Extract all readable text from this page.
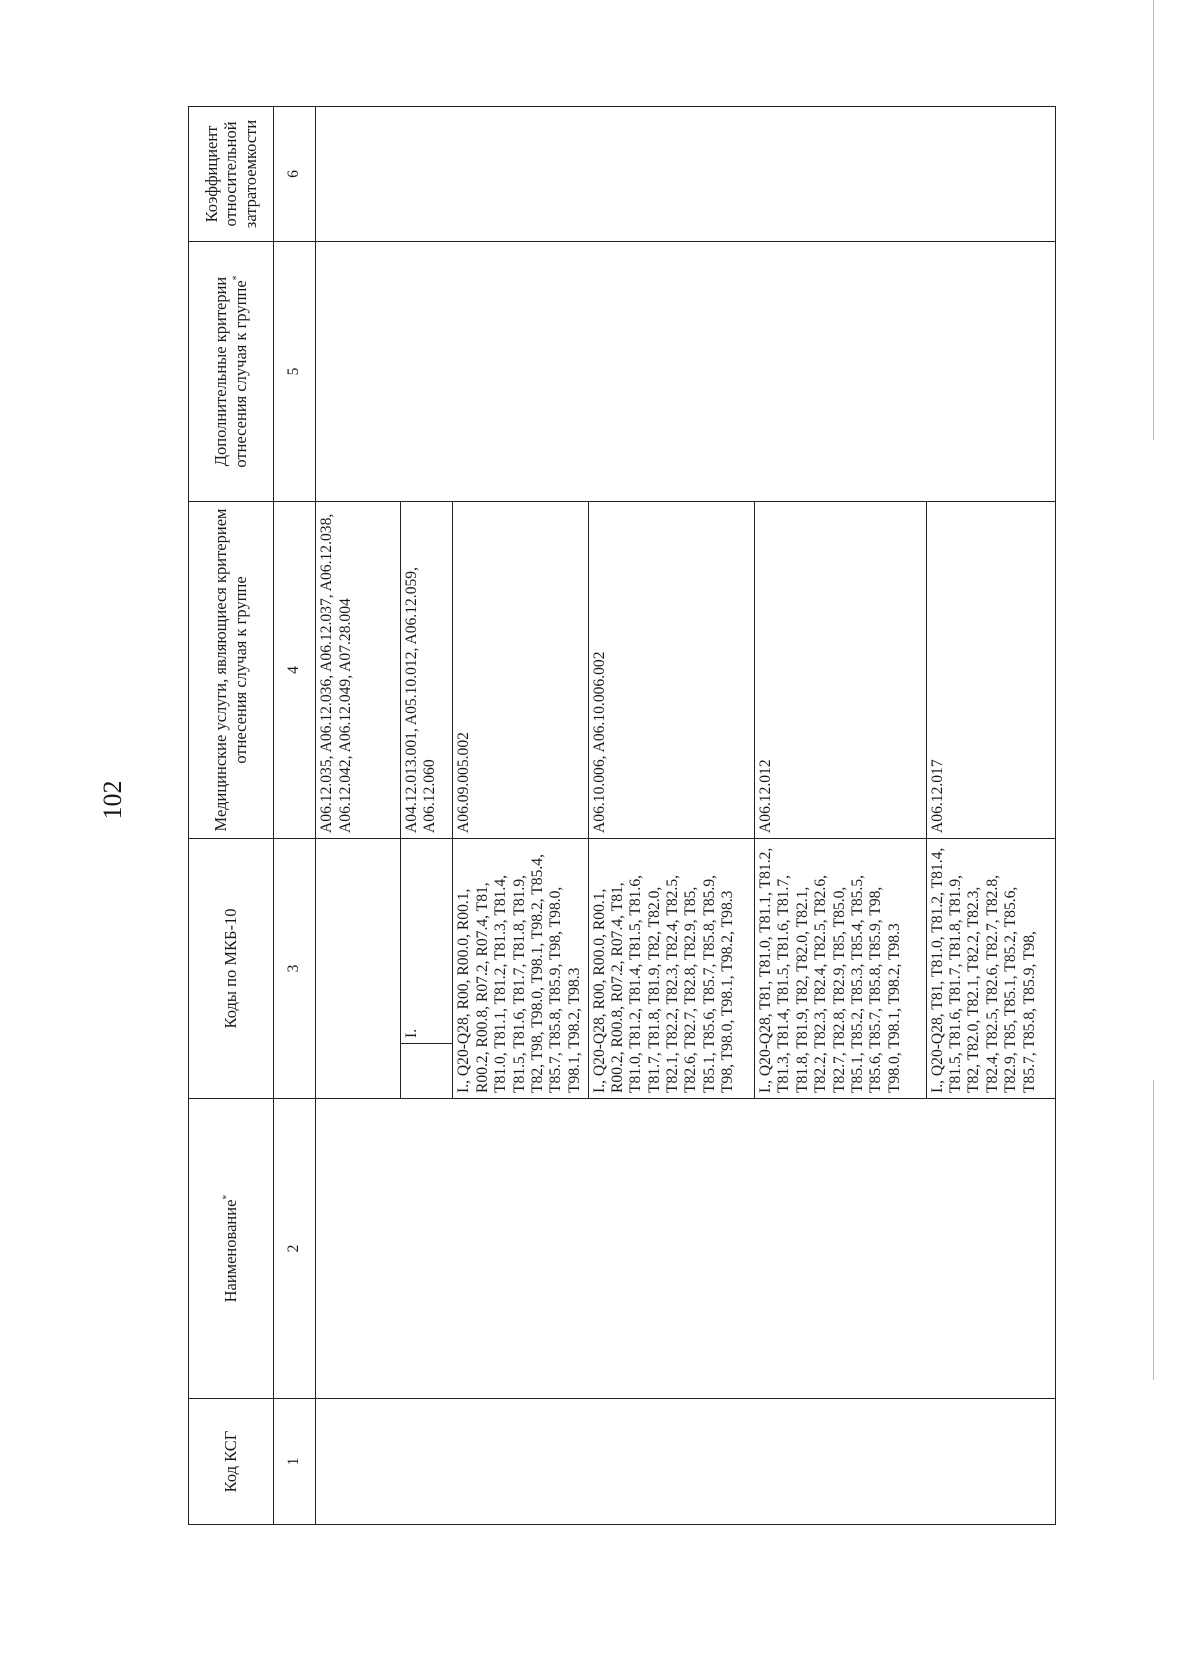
102
Код КСГ	Наименование*	Коды по МКБ-10		Медицинские услуги, являющиеся критерием отнесения случая к группе	Дополнительные критерии отнесения случая к группе*	Коэффициент относительной затратоемкости
1	2	3		4	5	6
				A06.12.035, A06.12.036, A06.12.037, A06.12.038, A06.12.042, A06.12.049, A07.28.004		
			I.	A04.12.013.001, A05.10.012, A06.12.059, A06.12.060		
		I., Q20-Q28, R00, R00.0, R00.1, R00.2, R00.8, R07.2, R07.4, T81, T81.0, T81.1, T81.2, T81.3, T81.4, T81.5, T81.6, T81.7, T81.8, T81.9, T82, T98, T98.0, T98.1, T98.2, T85.4, T85.7, T85.8, T85.9, T98, T98.0, T98.1, T98.2, T98.3		A06.09.005.002		
		I., Q20-Q28, R00, R00.0, R00.1, R00.2, R00.8, R07.2, R07.4, T81, T81.0, T81.2, T81.4, T81.5, T81.6, T81.7, T81.8, T81.9, T82, T82.0, T82.1, T82.2, T82.3, T82.4, T82.5, T82.6, T82.7, T82.8, T82.9, T85, T85.1, T85.6, T85.7, T85.8, T85.9, T98, T98.0, T98.1, T98.2, T98.3		A06.10.006, A06.10.006.002		
		I., Q20-Q28, T81, T81.0, T81.1, T81.2, T81.3, T81.4, T81.5, T81.6, T81.7, T81.8, T81.9, T82, T82.0, T82.1, T82.2, T82.3, T82.4, T82.5, T82.6, T82.7, T82.8, T82.9, T85, T85.0, T85.1, T85.2, T85.3, T85.4, T85.5, T85.6, T85.7, T85.8, T85.9, T98, T98.0, T98.1, T98.2, T98.3		A06.12.012		
		I., Q20-Q28, T81, T81.0, T81.2, T81.4, T81.5, T81.6, T81.7, T81.8, T81.9, T82, T82.0, T82.1, T82.2, T82.3, T82.4, T82.5, T82.6, T82.7, T82.8, T82.9, T85, T85.1, T85.2, T85.6, T85.7, T85.8, T85.9, T98,		A06.12.017		
